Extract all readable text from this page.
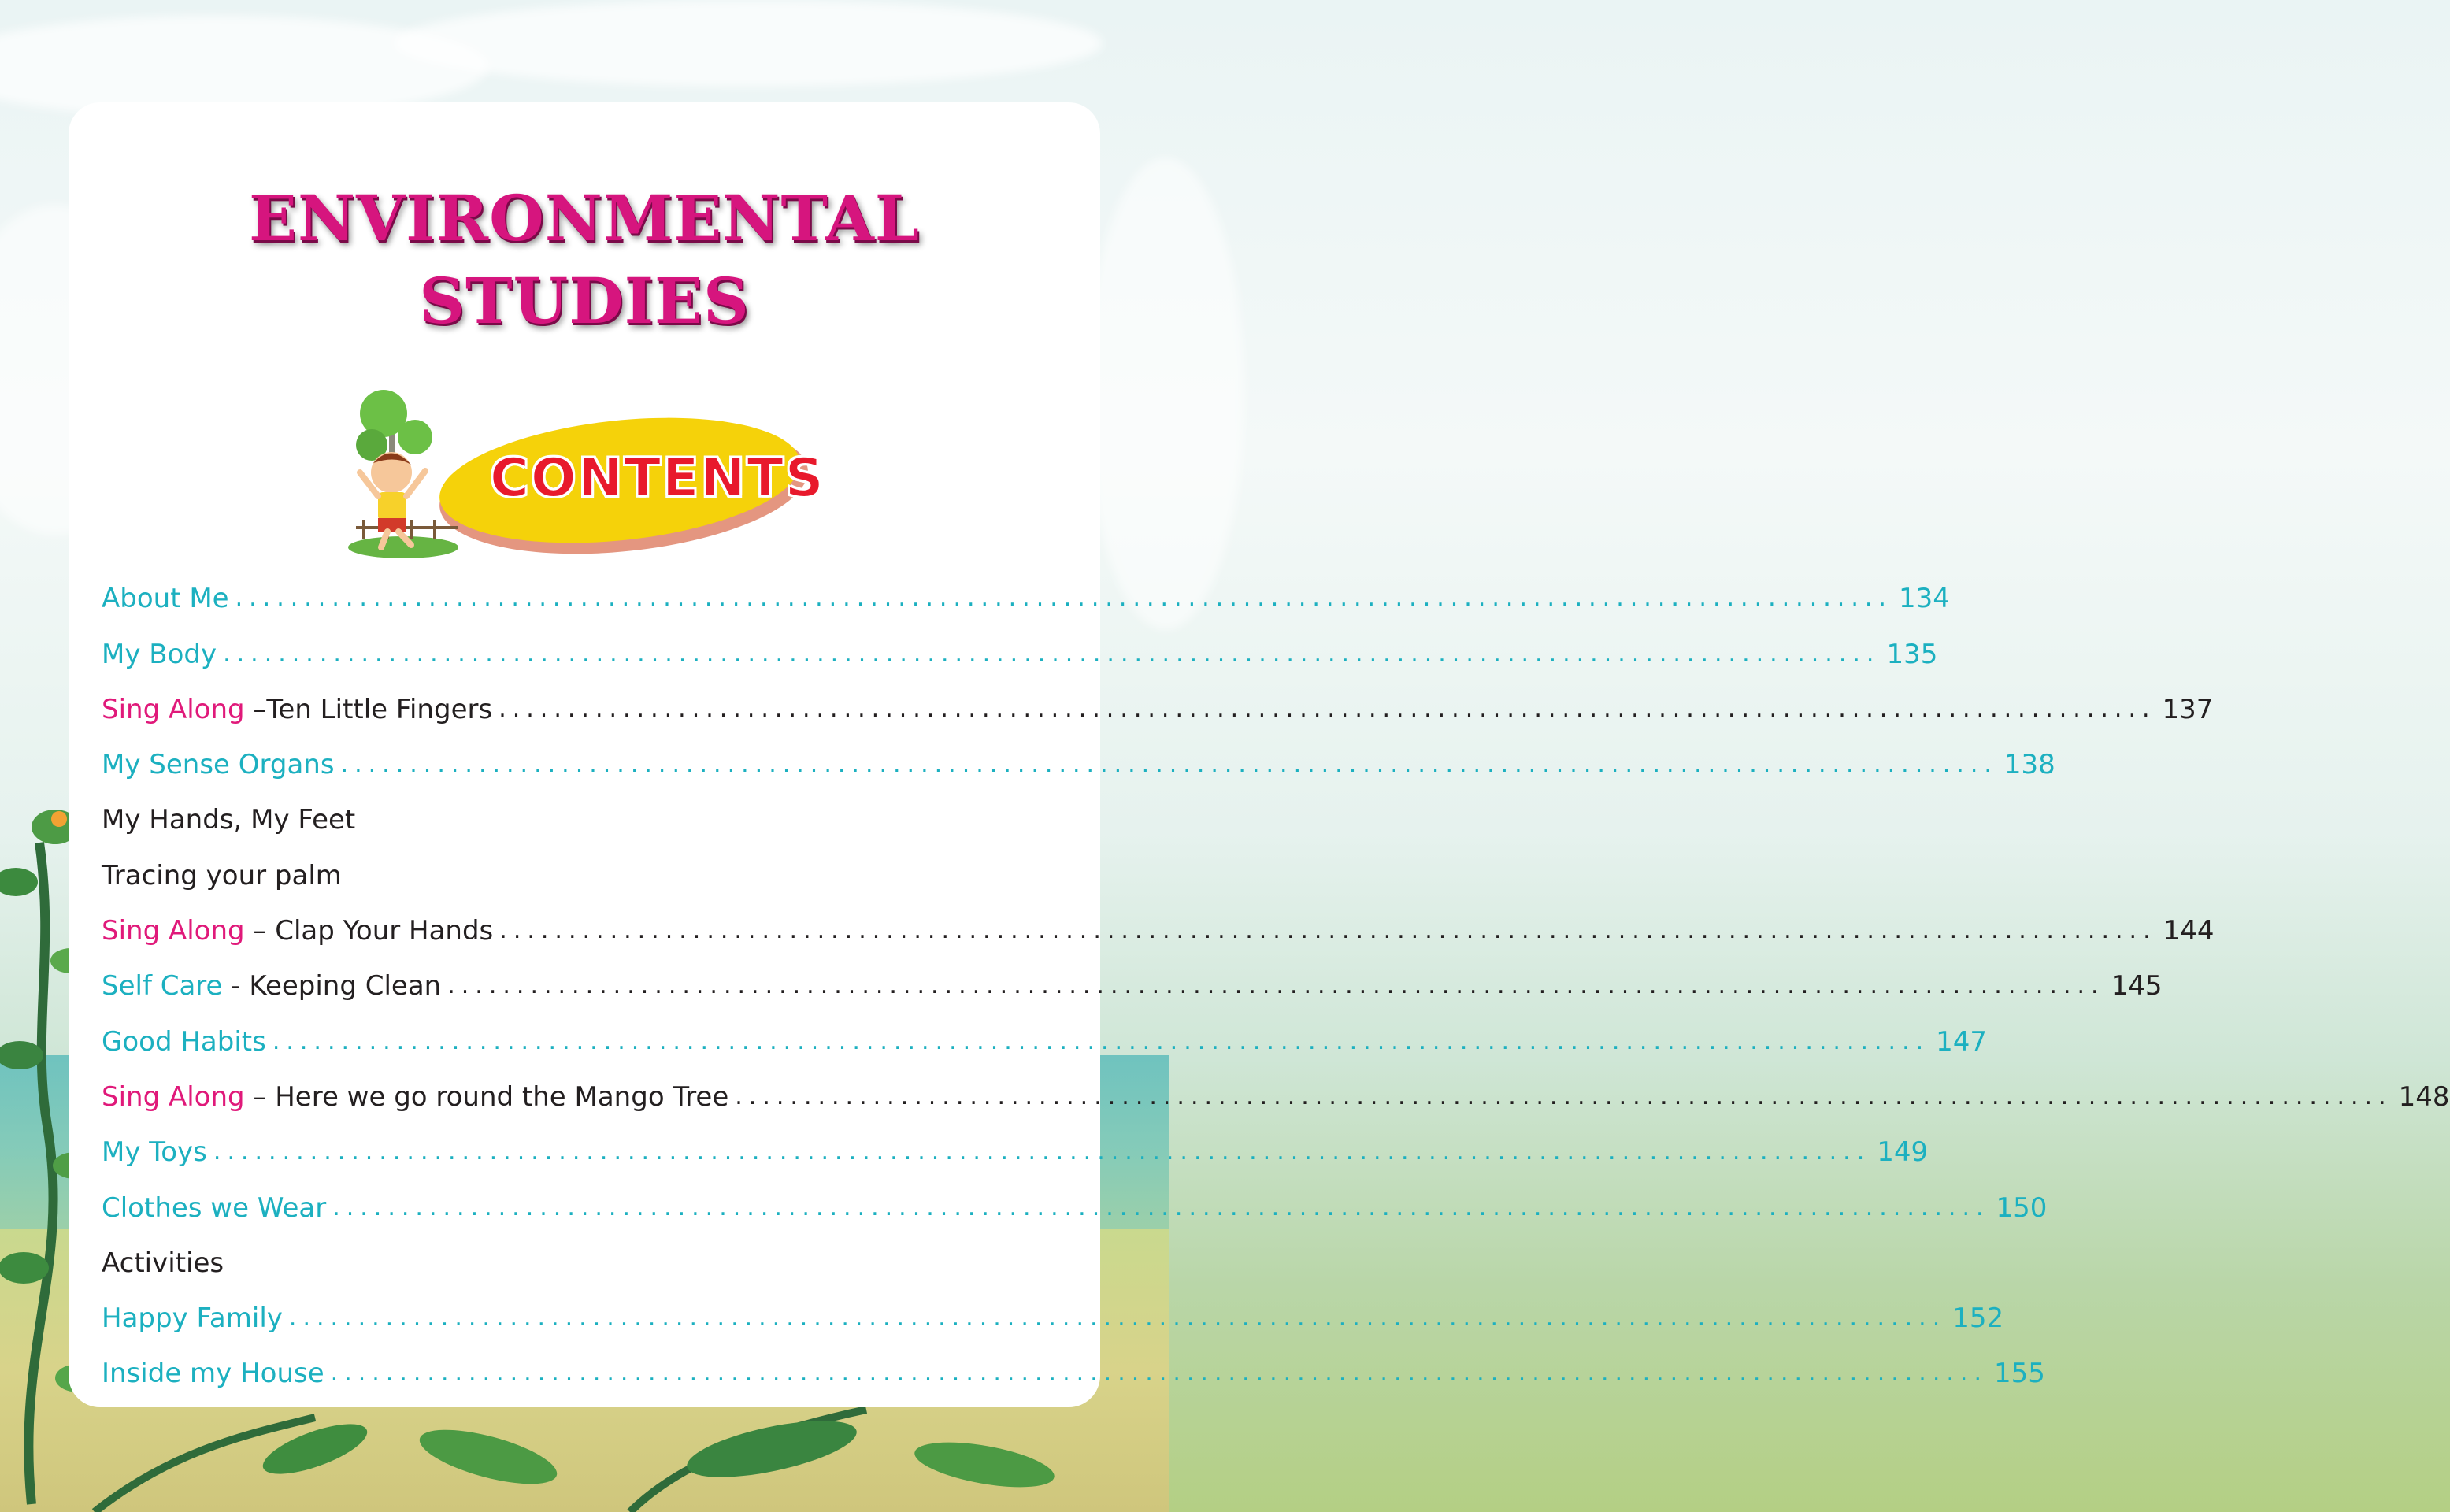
ENVIRONMENTAL
STUDIES
CONTENTS
About Me ........................................................................................................................ 134
My Body ........................................................................................................................ 135
Sing Along –Ten Little Fingers ........................................................................................................................ 137
My Sense Organs ........................................................................................................................ 138
My Hands, My Feet
Tracing your palm
Sing Along – Clap Your Hands ........................................................................................................................ 144
Self Care - Keeping Clean ........................................................................................................................ 145
Good Habits ........................................................................................................................ 147
Sing Along – Here we go round the Mango Tree ........................................................................................................................ 148
My Toys ........................................................................................................................ 149
Clothes we Wear ........................................................................................................................ 150
Activities
Happy Family ........................................................................................................................ 152
Inside my House ........................................................................................................................ 155
